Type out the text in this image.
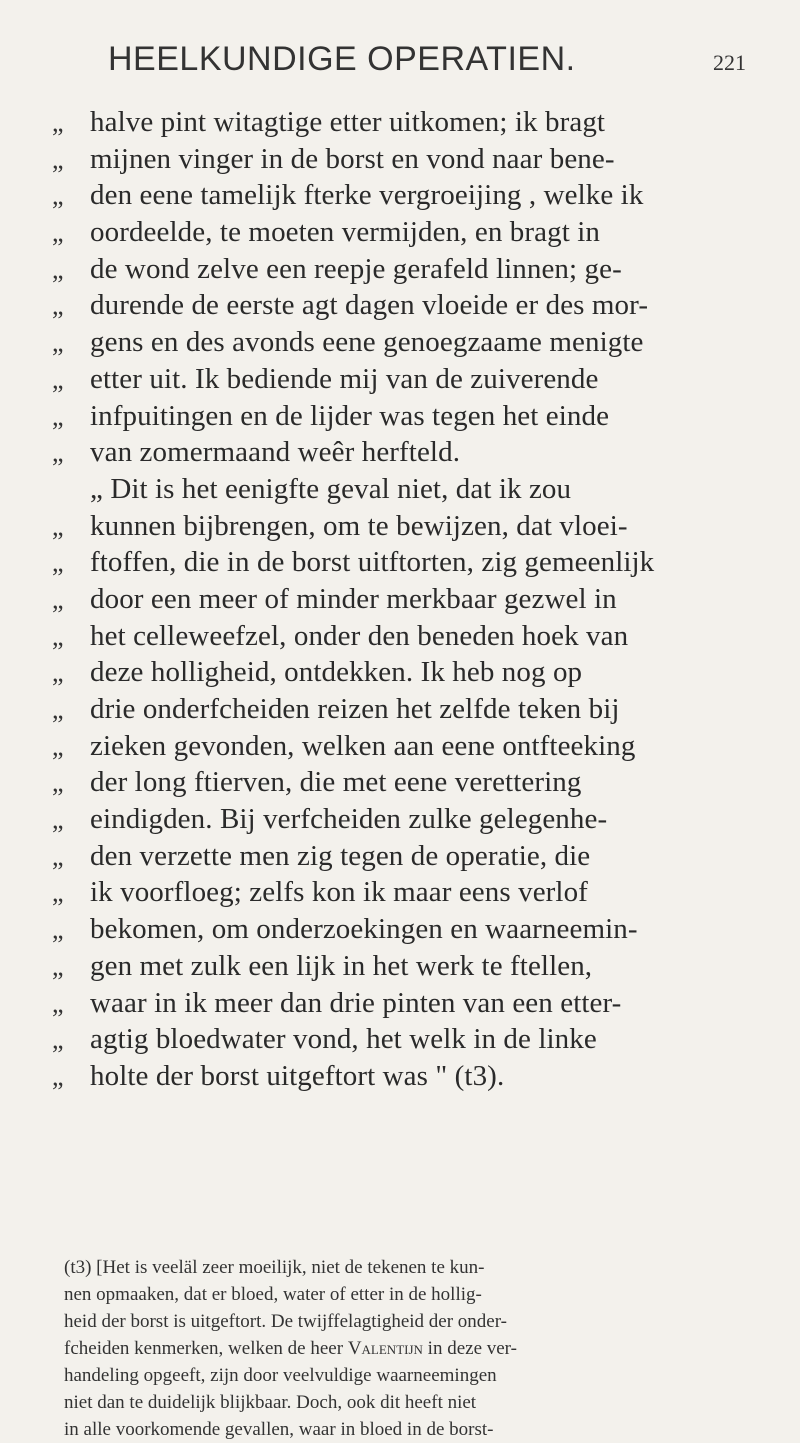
HEELKUNDIGE OPERATIEN.	221
„ halve pint witagtige etter uitkomen; ik bragt
„ mijnen vinger in de borst en vond naar bene-
„ den eene tamelijk fterke vergroeijing , welke ik
„ oordeelde, te moeten vermijden, en bragt in
„ de wond zelve een reepje gerafeld linnen; ge-
„ durende de eerste agt dagen vloeide er des mor-
„ gens en des avonds eene genoegzaame menigte
„ etter uit. Ik bediende mij van de zuiverende
„ infpuitingen en de lijder was tegen het einde
„ van zomermaand weêr herfteld.
„ Dit is het eenigfte geval niet, dat ik zou
„ kunnen bijbrengen, om te bewijzen, dat vloei-
„ ftoffen, die in de borst uitftorten, zig gemeenlijk
„ door een meer of minder merkbaar gezwel in
„ het celleweefzel, onder den beneden hoek van
„ deze holligheid, ontdekken. Ik heb nog op
„ drie onderfcheiden reizen het zelfde teken bij
„ zieken gevonden, welken aan eene ontfteeking
„ der long ftierven, die met eene verettering
„ eindigden. Bij verfcheiden zulke gelegenhe-
„ den verzette men zig tegen de operatie, die
„ ik voorfloeg; zelfs kon ik maar eens verlof
„ bekomen, om onderzoekingen en waarneemin-
„ gen met zulk een lijk in het werk te ftellen,
„ waar in ik meer dan drie pinten van een etter-
„ agtig bloedwater vond, het welk in de linke
„ holte der borst uitgeftort was " (t3).
(t3) [Het is veeläl zeer moeilijk, niet de tekenen te kun-
nen opmaaken, dat er bloed, water of etter in de hollig-
heid der borst is uitgeftort. De twijffelagtigheid der onder-
fcheiden kenmerken, welken de heer Valentijn in deze ver-
handeling opgeeft, zijn door veelvuldige waarneemingen
niet dan te duidelijk blijkbaar. Doch, ook dit heeft niet
in alle voorkomende gevallen, waar in bloed in de borst-
